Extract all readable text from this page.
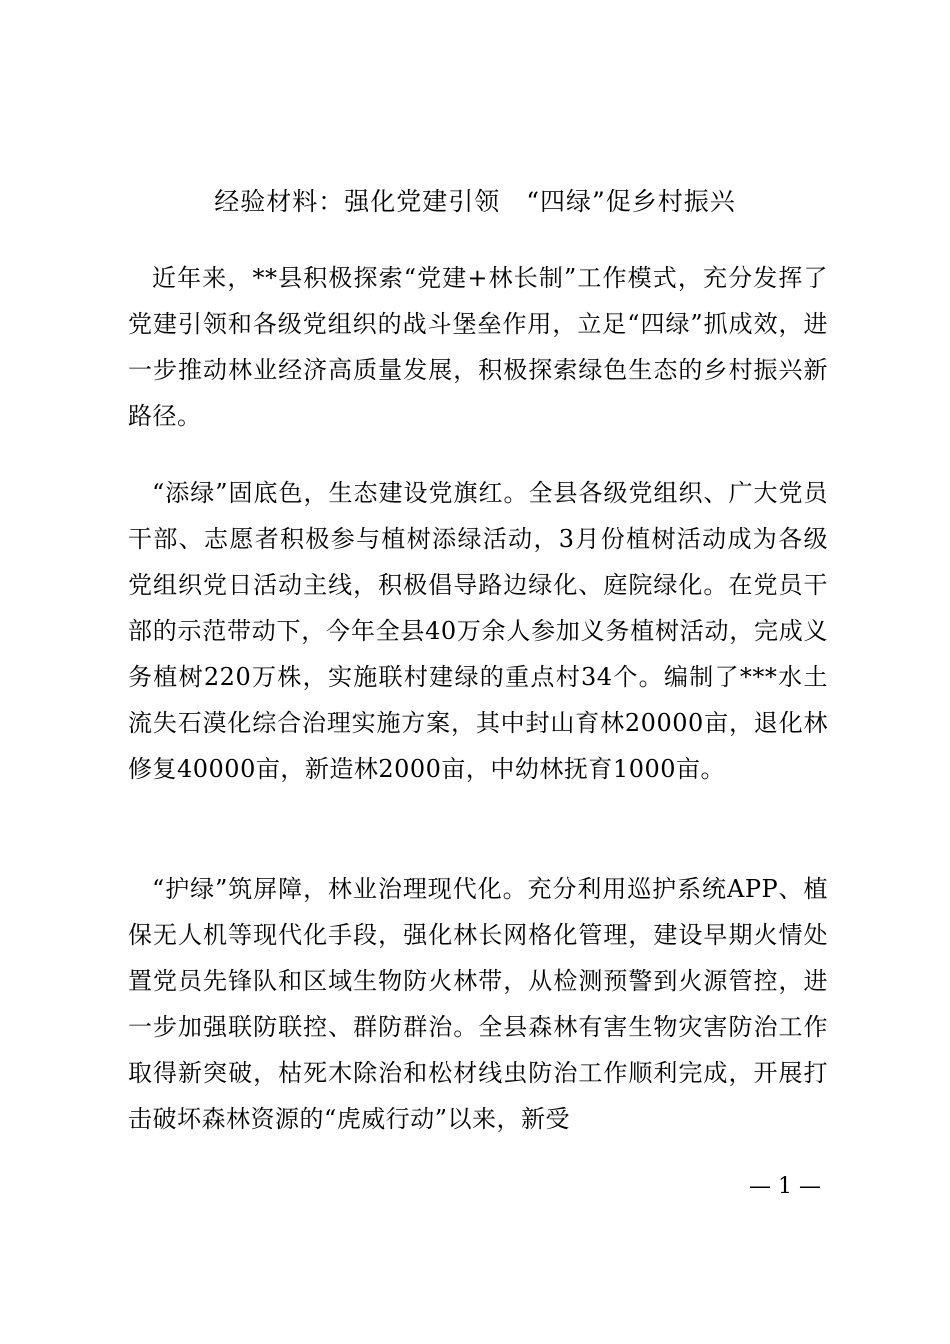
经验材料：强化党建引领　“四绿”促乡村振兴

近年来，**县积极探索“党建+林长制”工作模式，充分发挥了党建引领和各级党组织的战斗堡垒作用，立足“四绿”抓成效，进一步推动林业经济高质量发展，积极探索绿色生态的乡村振兴新路径。

“添绿”固底色，生态建设党旗红。全县各级党组织、广大党员干部、志愿者积极参与植树添绿活动，3月份植树活动成为各级党组织党日活动主线，积极倡导路边绿化、庭院绿化。在党员干部的示范带动下，今年全县40万余人参加义务植树活动，完成义务植树220万株，实施联村建绿的重点村34个。编制了***水土流失石漠化综合治理实施方案，其中封山育林20000亩，退化林修复40000亩，新造林2000亩，中幼林抚育1000亩。

“护绿”筑屏障，林业治理现代化。充分利用巡护系统APP、植保无人机等现代化手段，强化林长网格化管理，建设早期火情处置党员先锋队和区域生物防火林带，从检测预警到火源管控，进一步加强联防联控、群防群治。全县森林有害生物灾害防治工作取得新突破，枯死木除治和松材线虫防治工作顺利完成，开展打击破坏森林资源的“虎威行动”以来，新受

— 1 —
